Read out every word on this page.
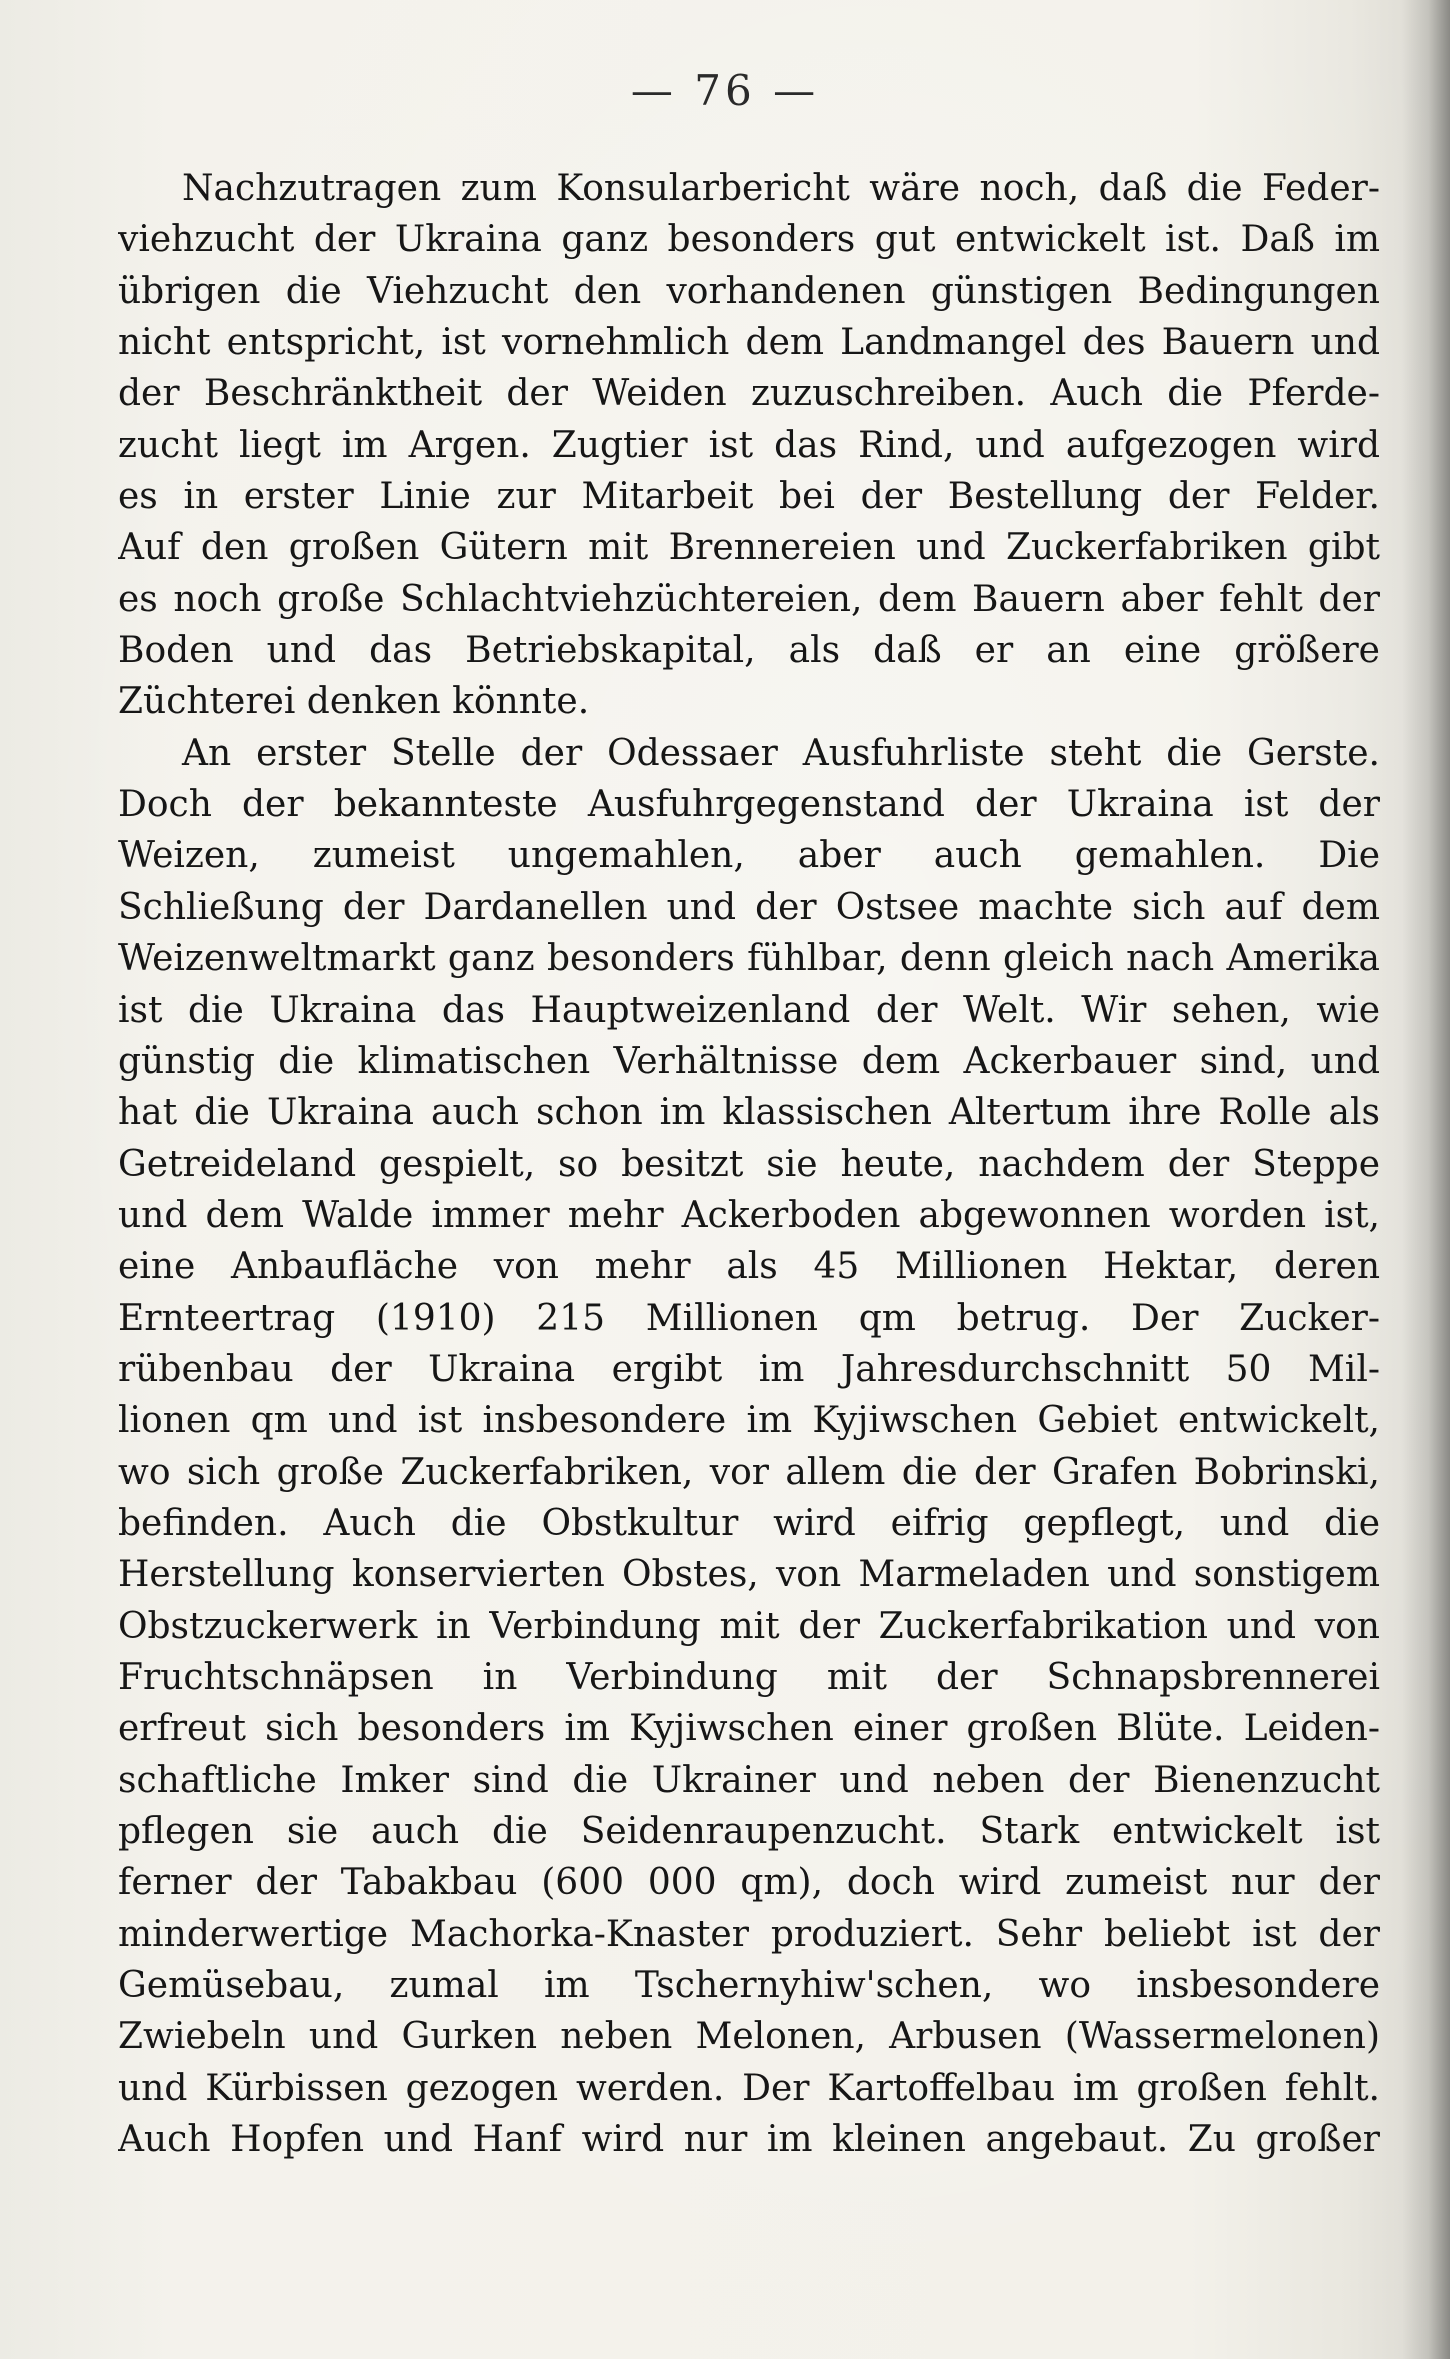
— 76 —
Nachzutragen zum Konsularbericht wäre noch, daß die Feder-
viehzucht der Ukraina ganz besonders gut entwickelt ist. Daß im
übrigen die Viehzucht den vorhandenen günstigen Bedingungen
nicht entspricht, ist vornehmlich dem Landmangel des Bauern und
der Beschränktheit der Weiden zuzuschreiben. Auch die Pferde-
zucht liegt im Argen. Zugtier ist das Rind, und aufgezogen wird
es in erster Linie zur Mitarbeit bei der Bestellung der Felder.
Auf den großen Gütern mit Brennereien und Zuckerfabriken gibt
es noch große Schlachtviehzüchtereien, dem Bauern aber fehlt der
Boden und das Betriebskapital, als daß er an eine größere
Züchterei denken könnte.
An erster Stelle der Odessaer Ausfuhrliste steht die Gerste.
Doch der bekannteste Ausfuhrgegenstand der Ukraina ist der
Weizen, zumeist ungemahlen, aber auch gemahlen. Die
Schließung der Dardanellen und der Ostsee machte sich auf dem
Weizenweltmarkt ganz besonders fühlbar, denn gleich nach Amerika
ist die Ukraina das Hauptweizenland der Welt. Wir sehen, wie
günstig die klimatischen Verhältnisse dem Ackerbauer sind, und
hat die Ukraina auch schon im klassischen Altertum ihre Rolle als
Getreideland gespielt, so besitzt sie heute, nachdem der Steppe
und dem Walde immer mehr Ackerboden abgewonnen worden ist,
eine Anbaufläche von mehr als 45 Millionen Hektar, deren
Ernteertrag (1910) 215 Millionen qm betrug. Der Zucker-
rübenbau der Ukraina ergibt im Jahresdurchschnitt 50 Mil-
lionen qm und ist insbesondere im Kyjiwschen Gebiet entwickelt,
wo sich große Zuckerfabriken, vor allem die der Grafen Bobrinski,
befinden. Auch die Obstkultur wird eifrig gepflegt, und die
Herstellung konservierten Obstes, von Marmeladen und sonstigem
Obstzuckerwerk in Verbindung mit der Zuckerfabrikation und von
Fruchtschnäpsen in Verbindung mit der Schnapsbrennerei
erfreut sich besonders im Kyjiwschen einer großen Blüte. Leiden-
schaftliche Imker sind die Ukrainer und neben der Bienenzucht
pflegen sie auch die Seidenraupenzucht. Stark entwickelt ist
ferner der Tabakbau (600 000 qm), doch wird zumeist nur der
minderwertige Machorka-Knaster produziert. Sehr beliebt ist der
Gemüsebau, zumal im Tschernyhiw'schen, wo insbesondere
Zwiebeln und Gurken neben Melonen, Arbusen (Wassermelonen)
und Kürbissen gezogen werden. Der Kartoffelbau im großen fehlt.
Auch Hopfen und Hanf wird nur im kleinen angebaut. Zu großer
